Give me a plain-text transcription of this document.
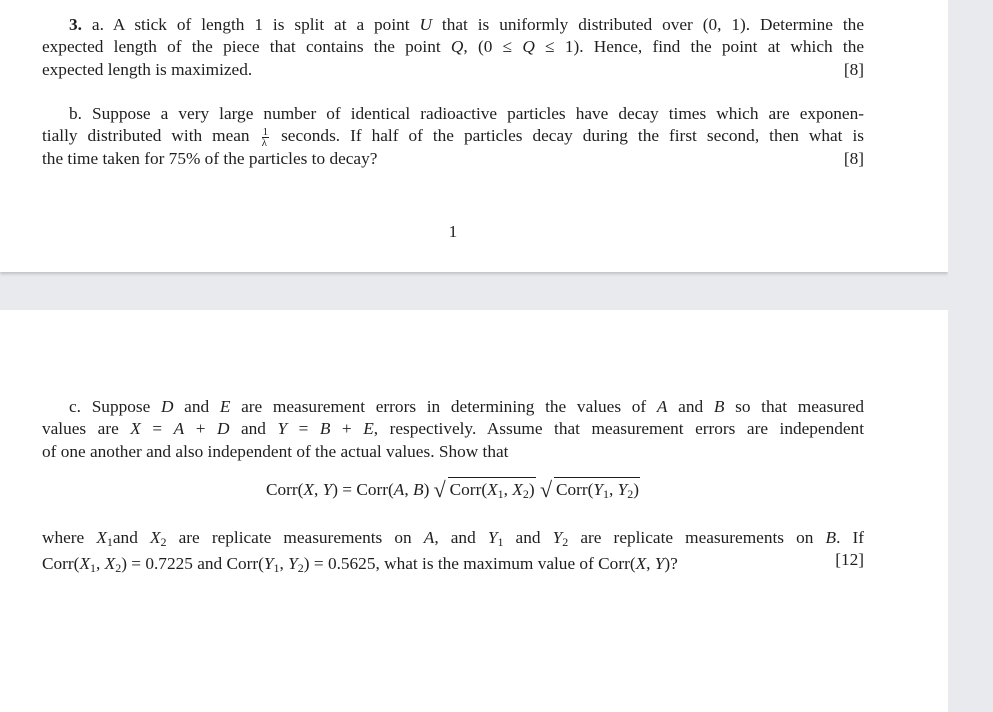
3. a. A stick of length 1 is split at a point U that is uniformly distributed over (0, 1). Determine the
expected length of the piece that contains the point Q, (0 ≤ Q ≤ 1). Hence, find the point at which the
expected length is maximized.	[8]
b. Suppose a very large number of identical radioactive particles have decay times which are exponen-
tially distributed with mean $\frac{1}{\lambda}$ seconds. If half of the particles decay during the first second, then what is
the time taken for 75% of the particles to decay?	[8]
1
c. Suppose D and E are measurement errors in determining the values of A and B so that measured
values are X = A + D and Y = B + E, respectively. Assume that measurement errors are independent
of one another and also independent of the actual values. Show that
Corr(X, Y) = Corr(A, B) √ $Corr(X_1$, $X_2$) √ $Corr(Y_1$, $Y_2$)
where $X_1and$ $X_2$ are replicate measurements on A, and $Y_1$ and $Y_2$ are replicate measurements on B. If
$Corr(X_1$, $X_2) = 0.7225$ and $Corr(Y_1$, $Y_2) = 0.5625$, what is the maximum value of Corr(X, Y)?	[12]
